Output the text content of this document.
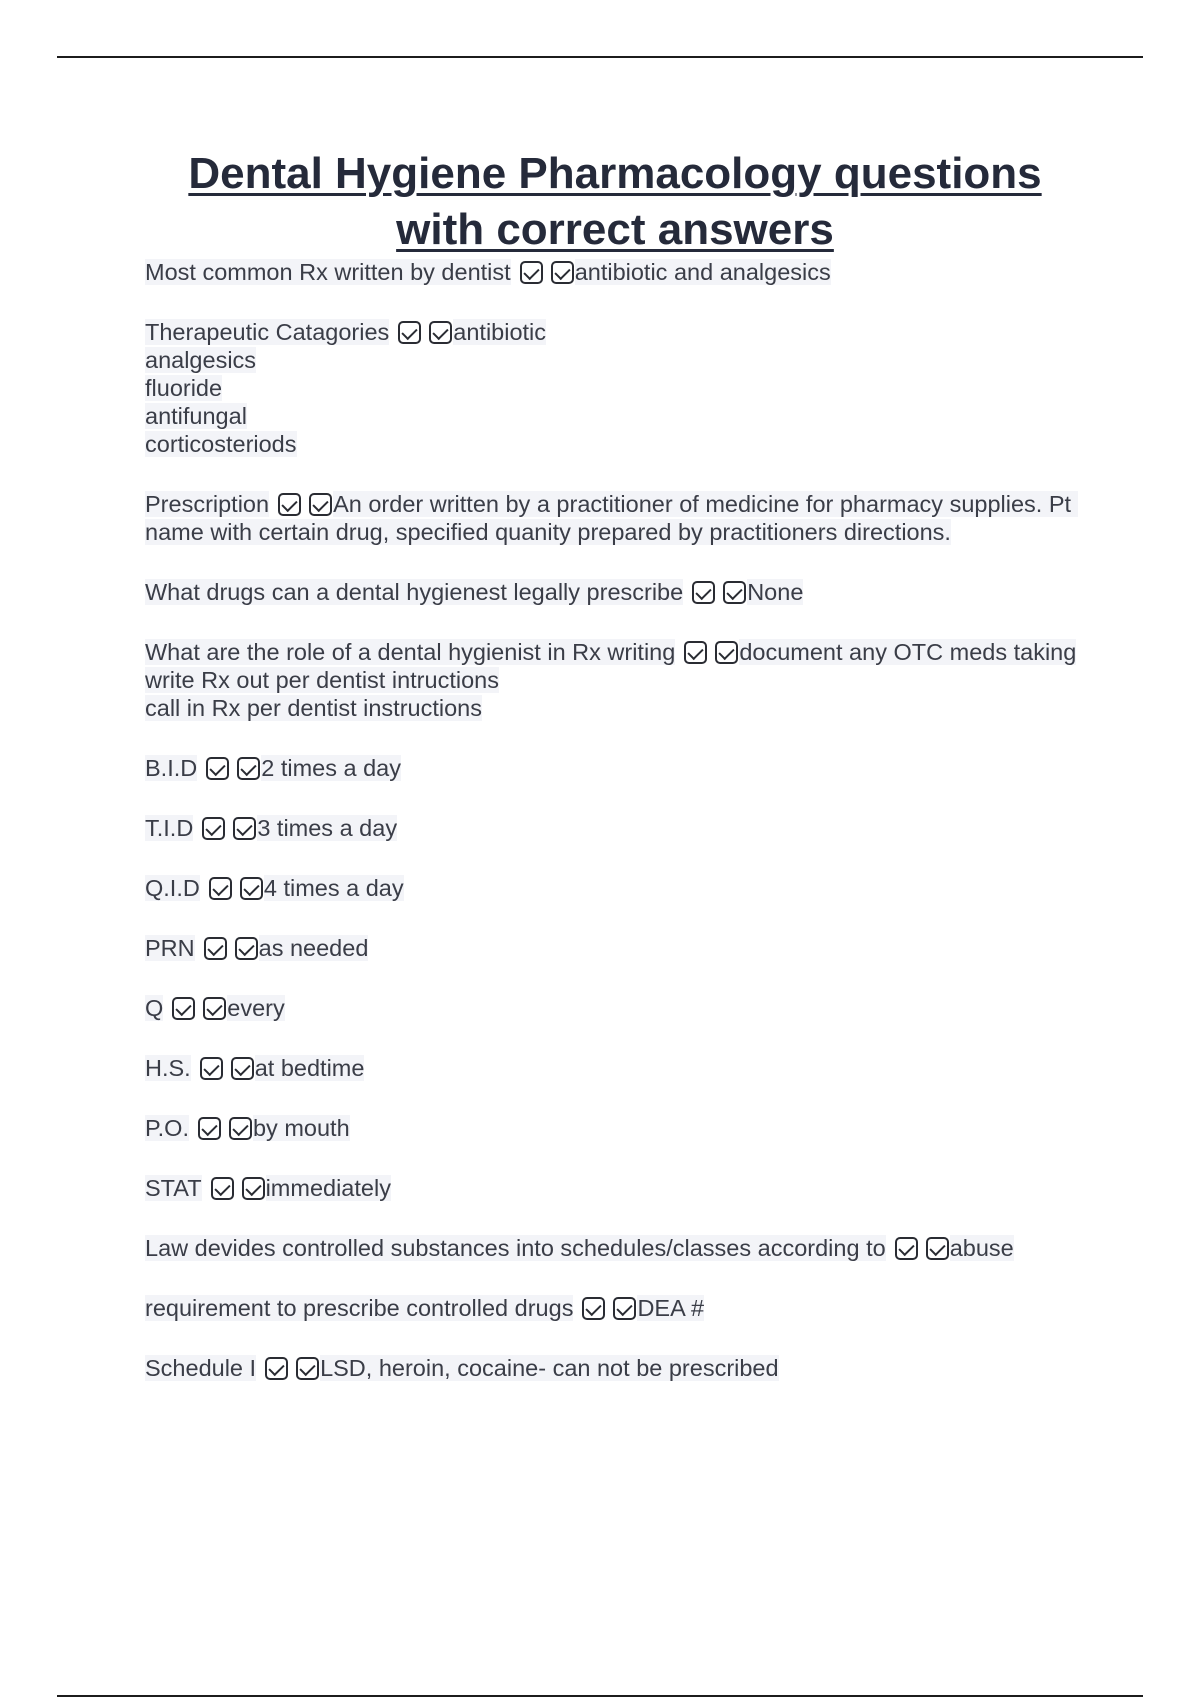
Dental Hygiene Pharmacology questions with correct answers

Most common Rx written by dentist	antibiotic and analgesics

Therapeutic Catagories	antibiotic
analgesics
fluoride
antifungal
corticosteriods

Prescription	An order written by a practitioner of medicine for pharmacy supplies. Pt name with certain drug, specified quanity prepared by practitioners directions.

What drugs can a dental hygienest legally prescribe	None

What are the role of a dental hygienist in Rx writing	document any OTC meds taking
write Rx out per dentist intructions
call in Rx per dentist instructions

B.I.D	2 times a day

T.I.D	3 times a day

Q.I.D	4 times a day

PRN	as needed

Q	every

H.S.	at bedtime

P.O.	by mouth

STAT	immediately

Law devides controlled substances into schedules/classes according to	abuse

requirement to prescribe controlled drugs	DEA #

Schedule I	LSD, heroin, cocaine- can not be prescribed
